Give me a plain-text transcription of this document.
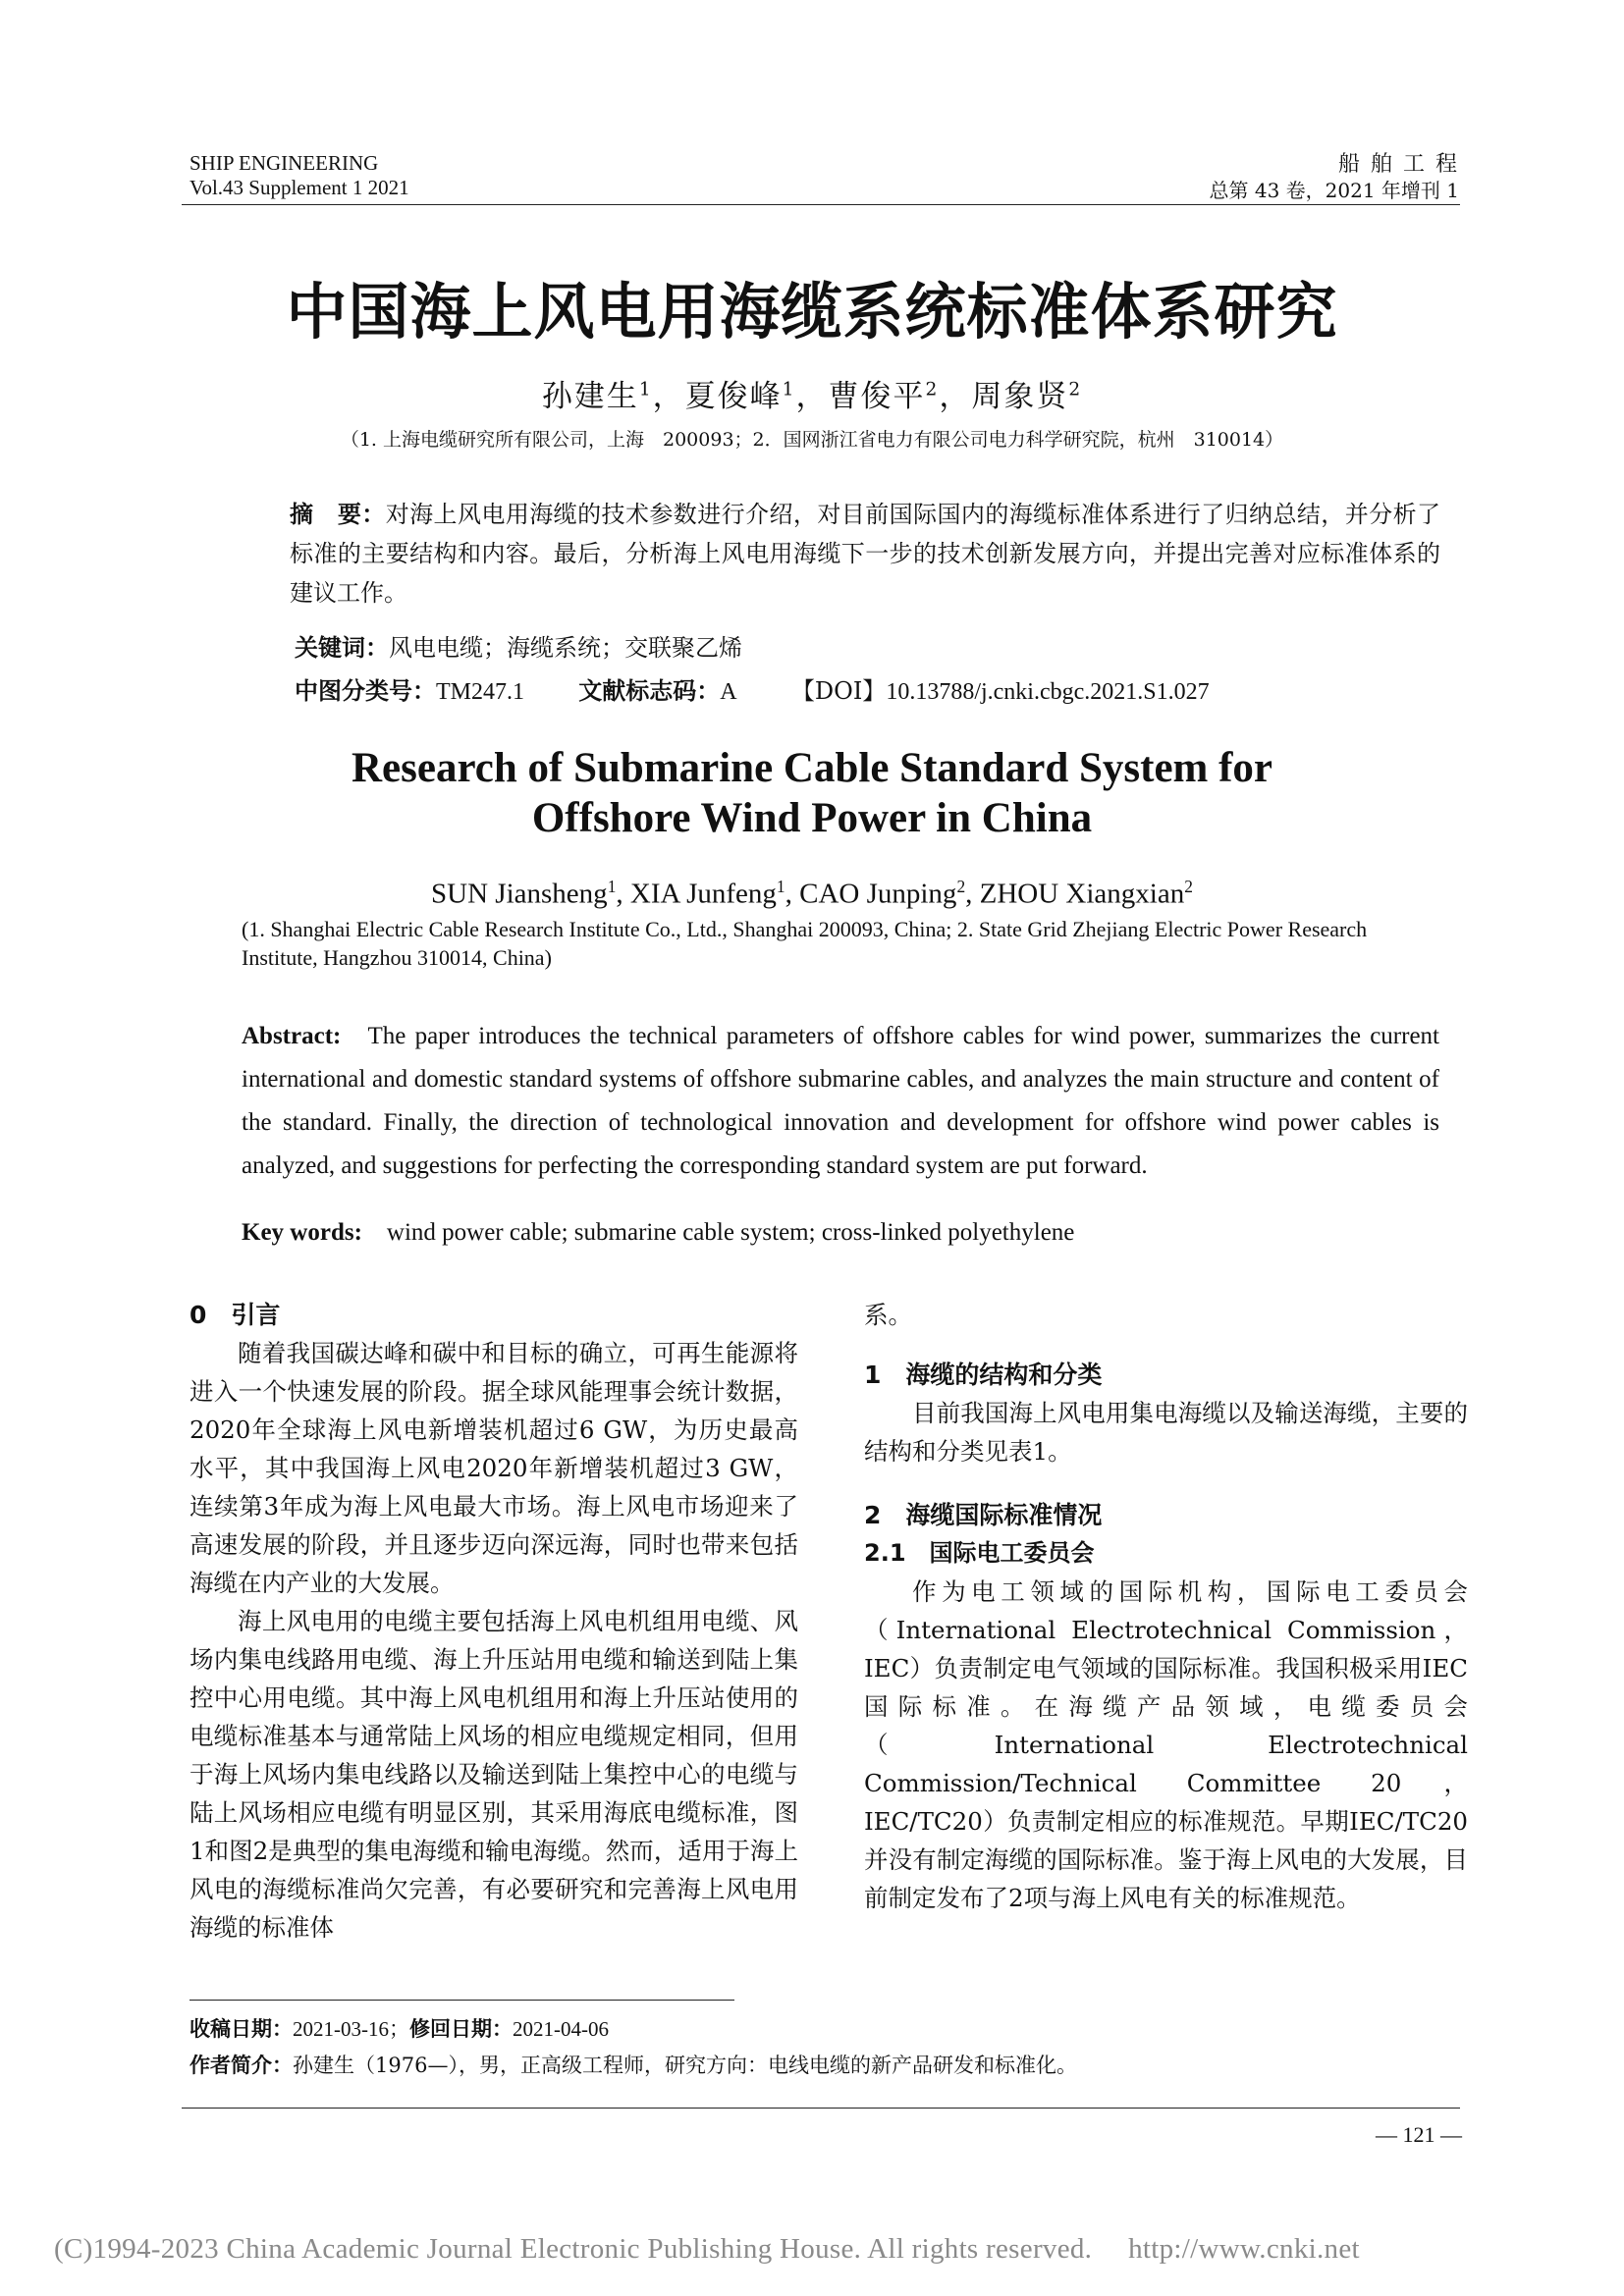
SHIP ENGINEERING
Vol.43 Supplement 1 2021
船 舶 工 程
总第 43 卷，2021 年增刊 1
中国海上风电用海缆系统标准体系研究
孙建生$^1$，夏俊峰$^1$，曹俊平$^2$，周象贤$^2$
（1. 上海电缆研究所有限公司，上海　200093；2．国网浙江省电力有限公司电力科学研究院，杭州　310014）
摘　要：对海上风电用海缆的技术参数进行介绍，对目前国际国内的海缆标准体系进行了归纳总结，并分析了标准的主要结构和内容。最后，分析海上风电用海缆下一步的技术创新发展方向，并提出完善对应标准体系的建议工作。
关键词：风电电缆；海缆系统；交联聚乙烯
中图分类号：TM247.1 文献标志码：A 【DOI】10.13788/j.cnki.cbgc.2021.S1.027
Research of Submarine Cable Standard System for
Offshore Wind Power in China
SUN Jiansheng$^1$, XIA Junfeng$^1$, CAO Junping$^2$, ZHOU Xiangxian$^2$
(1. Shanghai Electric Cable Research Institute Co., Ltd., Shanghai 200093, China; 2. State Grid Zhejiang Electric Power Research Institute, Hangzhou 310014, China)
Abstract: The paper introduces the technical parameters of offshore cables for wind power, summarizes the current international and domestic standard systems of offshore submarine cables, and analyzes the main structure and content of the standard. Finally, the direction of technological innovation and development for offshore wind power cables is analyzed, and suggestions for perfecting the corresponding standard system are put forward.
Key words: wind power cable; submarine cable system; cross-linked polyethylene
0　引言

随着我国碳达峰和碳中和目标的确立，可再生能源将进入一个快速发展的阶段。据全球风能理事会统计数据，2020年全球海上风电新增装机超过6 GW，为历史最高水平，其中我国海上风电2020年新增装机超过3 GW，连续第3年成为海上风电最大市场。海上风电市场迎来了高速发展的阶段，并且逐步迈向深远海，同时也带来包括海缆在内产业的大发展。

海上风电用的电缆主要包括海上风电机组用电缆、风场内集电线路用电缆、海上升压站用电缆和输送到陆上集控中心用电缆。其中海上风电机组用和海上升压站使用的电缆标准基本与通常陆上风场的相应电缆规定相同，但用于海上风场内集电线路以及输送到陆上集控中心的电缆与陆上风场相应电缆有明显区别，其采用海底电缆标准，图1和图2是典型的集电海缆和输电海缆。然而，适用于海上风电的海缆标准尚欠完善，有必要研究和完善海上风电用海缆的标准体

系。
1　海缆的结构和分类

目前我国海上风电用集电海缆以及输送海缆，主要的结构和分类见表1。

2　海缆国际标准情况
2.1　国际电工委员会

作为电工领域的国际机构，国际电工委员会（International Electrotechnical Commission，IEC）负责制定电气领域的国际标准。我国积极采用IEC国际标准。在海缆产品领域，电缆委员会（International Electrotechnical Commission/Technical Committee 20，IEC/TC20）负责制定相应的标准规范。早期IEC/TC20并没有制定海缆的国际标准。鉴于海上风电的大发展，目前制定发布了2项与海上风电有关的标准规范。

收稿日期：2021-03-16；修回日期：2021-04-06
作者简介：孙建生（1976—），男，正高级工程师，研究方向：电线电缆的新产品研发和标准化。
— 121 —
(C)1994-2023 China Academic Journal Electronic Publishing House. All rights reserved.　 http://www.cnki.net
